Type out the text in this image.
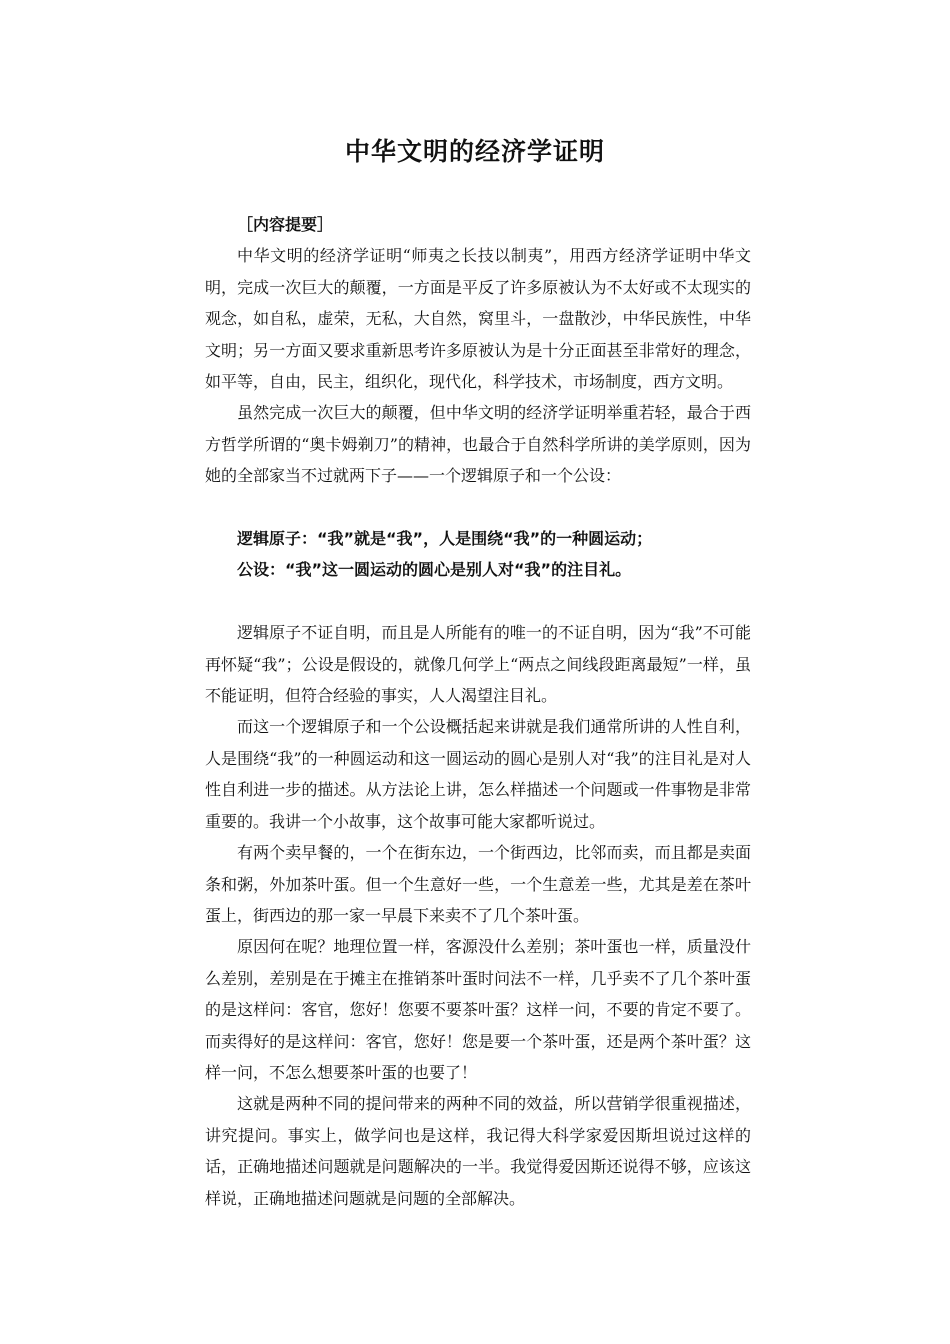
中华文明的经济学证明
［内容提要］

中华文明的经济学证明“师夷之长技以制夷”，用西方经济学证明中华文明，完成一次巨大的颠覆，一方面是平反了许多原被认为不太好或不太现实的观念，如自私，虚荣，无私，大自然，窝里斗，一盘散沙，中华民族性，中华文明；另一方面又要求重新思考许多原被认为是十分正面甚至非常好的理念，如平等，自由，民主，组织化，现代化，科学技术，市场制度，西方文明。

虽然完成一次巨大的颠覆，但中华文明的经济学证明举重若轻，最合于西方哲学所谓的“奥卡姆剃刀”的精神，也最合于自然科学所讲的美学原则，因为她的全部家当不过就两下子——一个逻辑原子和一个公设：

逻辑原子：“我”就是“我”，人是围绕“我”的一种圆运动；
公设：“我”这一圆运动的圆心是别人对“我”的注目礼。

逻辑原子不证自明，而且是人所能有的唯一的不证自明，因为“我”不可能再怀疑“我”；公设是假设的，就像几何学上“两点之间线段距离最短”一样，虽不能证明，但符合经验的事实，人人渴望注目礼。

而这一个逻辑原子和一个公设概括起来讲就是我们通常所讲的人性自利，人是围绕“我”的一种圆运动和这一圆运动的圆心是别人对“我”的注目礼是对人性自利进一步的描述。从方法论上讲，怎么样描述一个问题或一件事物是非常重要的。我讲一个小故事，这个故事可能大家都听说过。

有两个卖早餐的，一个在街东边，一个街西边，比邻而卖，而且都是卖面条和粥，外加茶叶蛋。但一个生意好一些，一个生意差一些，尤其是差在茶叶蛋上，街西边的那一家一早晨下来卖不了几个茶叶蛋。

原因何在呢？地理位置一样，客源没什么差别；茶叶蛋也一样，质量没什么差别，差别是在于摊主在推销茶叶蛋时问法不一样，几乎卖不了几个茶叶蛋的是这样问：客官，您好！您要不要茶叶蛋？这样一问，不要的肯定不要了。而卖得好的是这样问：客官，您好！您是要一个茶叶蛋，还是两个茶叶蛋？这样一问，不怎么想要茶叶蛋的也要了！

这就是两种不同的提问带来的两种不同的效益，所以营销学很重视描述，讲究提问。事实上，做学问也是这样，我记得大科学家爱因斯坦说过这样的话，正确地描述问题就是问题解决的一半。我觉得爱因斯还说得不够，应该这样说，正确地描述问题就是问题的全部解决。
